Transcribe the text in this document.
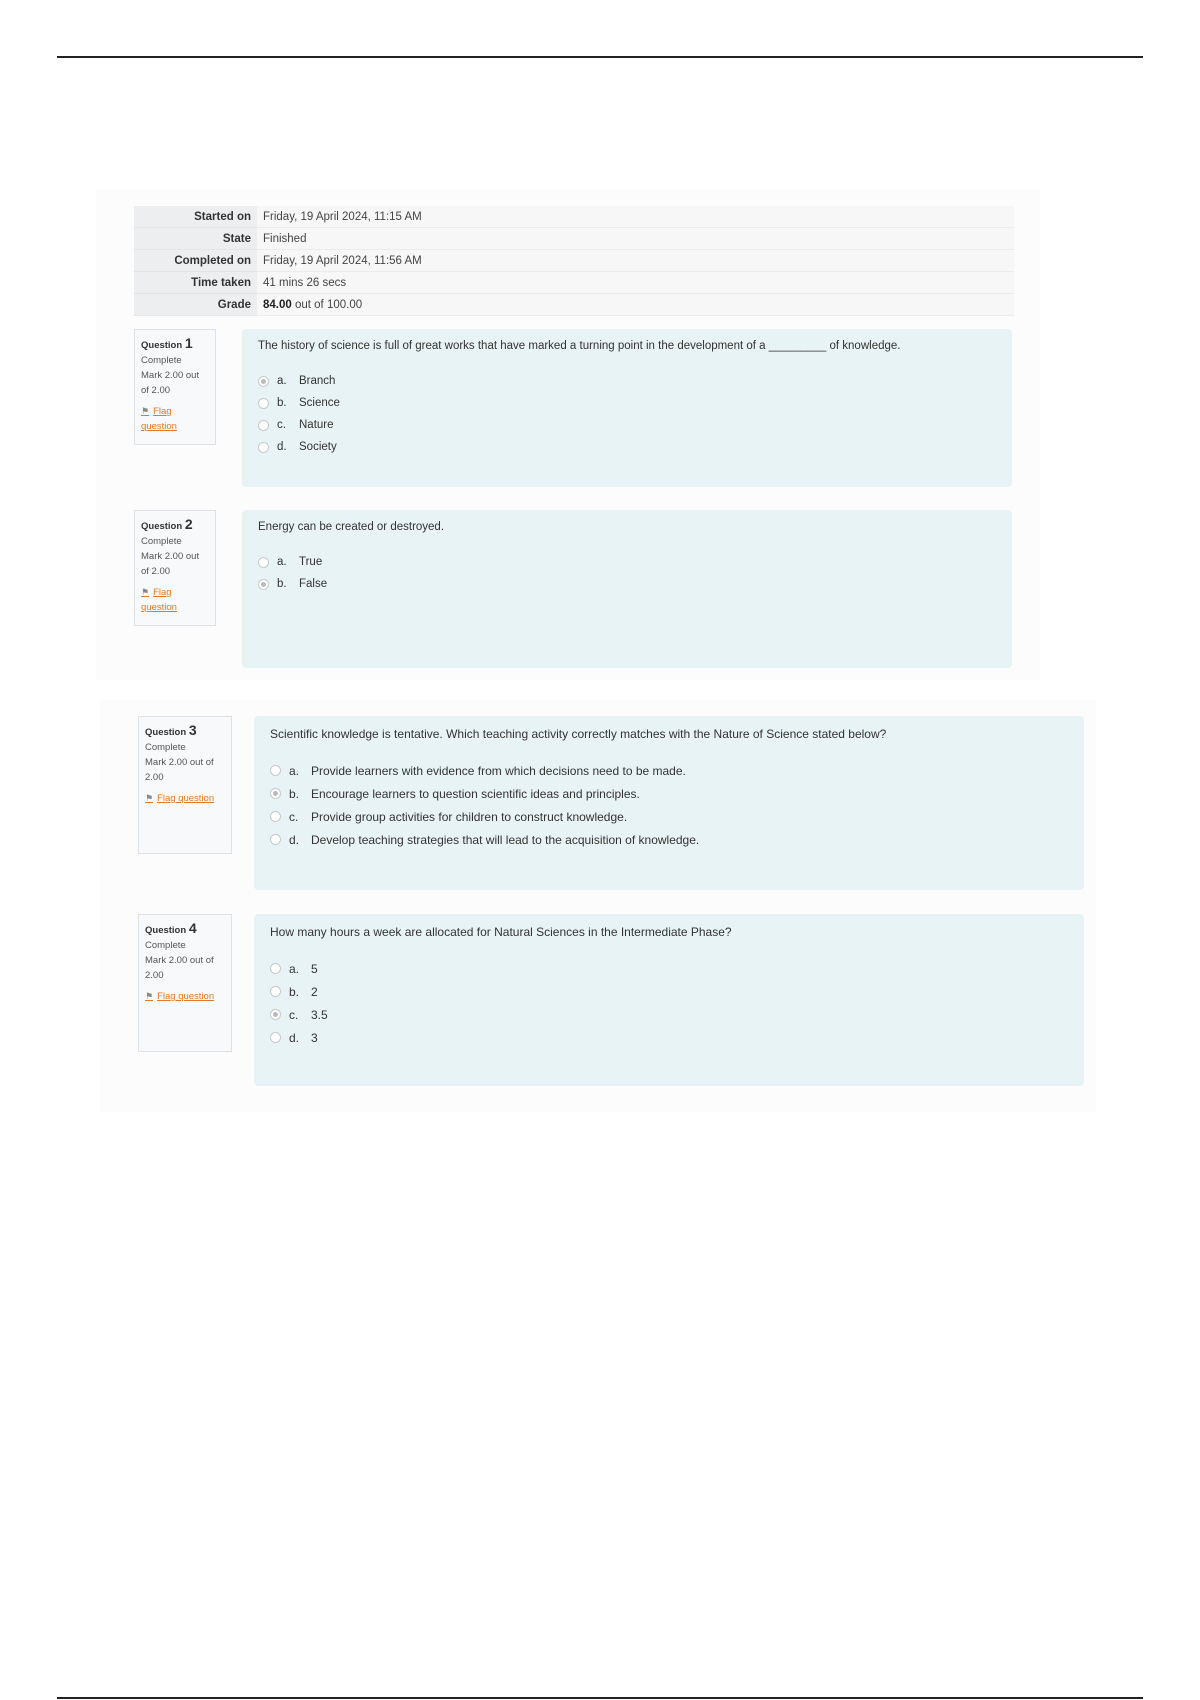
Started on	Friday, 19 April 2024, 11:15 AM
State	Finished
Completed on	Friday, 19 April 2024, 11:56 AM
Time taken	41 mins 26 secs
Grade	84.00 out of 100.00
Question 1
Complete
Mark 2.00 out of 2.00
⚑ Flag question
The history of science is full of great works that have marked a turning point in the development of a _________ of knowledge.
a.	Branch
b.	Science
c.	Nature
d.	Society
Question 2
Complete
Mark 2.00 out of 2.00
⚑ Flag question
Energy can be created or destroyed.
a.	True
b.	False
Question 3
Complete
Mark 2.00 out of 2.00
⚑ Flag question
Scientific knowledge is tentative. Which teaching activity correctly matches with the Nature of Science stated below?
a. Provide learners with evidence from which decisions need to be made.
b. Encourage learners to question scientific ideas and principles.
c.	Provide group activities for children to construct knowledge.
d. Develop teaching strategies that will lead to the acquisition of knowledge.
Question 4
Complete
Mark 2.00 out of 2.00
⚑ Flag question
How many hours a week are allocated for Natural Sciences in the Intermediate Phase?
a. 5
b. 2
c.	3.5
d. 3
